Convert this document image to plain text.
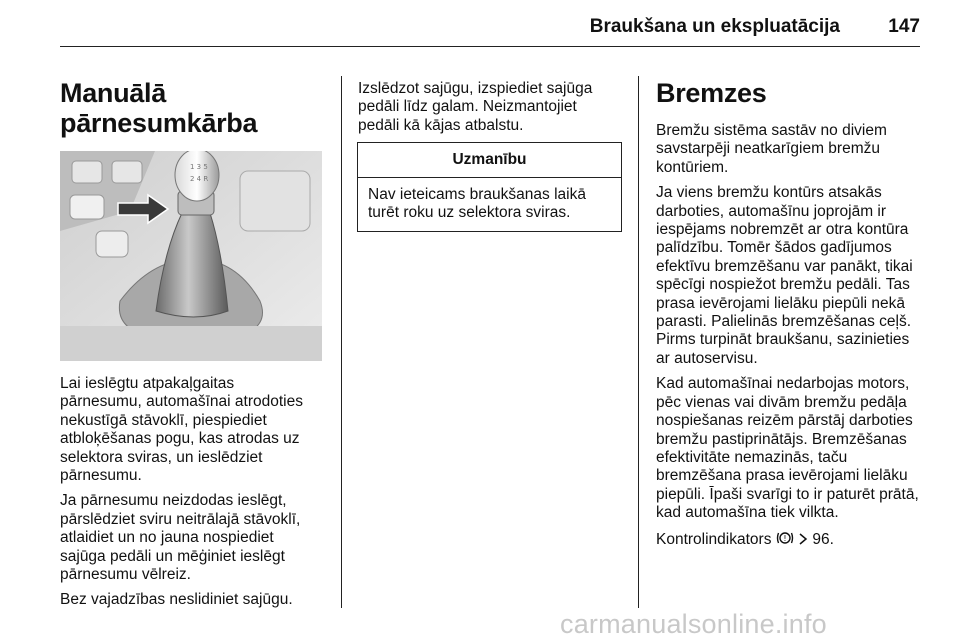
Braukšana un ekspluatācija	147
Manuālā
pārnesumkārba
1 3 5
2 4 R

Lai ieslēgtu atpakaļgaitas
pārnesumu, automašīnai atrodoties
nekustīgā stāvoklī, piespiediet
atbloķēšanas pogu, kas atrodas uz
selektora sviras, un ieslēdziet
pārnesumu.

Ja pārnesumu neizdodas ieslēgt,
pārslēdziet sviru neitrālajā stāvoklī,
atlaidiet un no jauna nospiediet
sajūga pedāli un mēģiniet ieslēgt
pārnesumu vēlreiz.

Bez vajadzības neslidiniet sajūgu.

Izslēdzot sajūgu, izspiediet sajūga
pedāli līdz galam. Neizmantojiet
pedāli kā kājas atbalstu.

Uzmanību
Nav ieteicams braukšanas laikā
turēt roku uz selektora sviras.
Bremzes

Bremžu sistēma sastāv no diviem
savstarpēji neatkarīgiem bremžu
kontūriem.

Ja viens bremžu kontūrs atsakās
darboties, automašīnu joprojām ir
iespējams nobremzēt ar otra kontūra
palīdzību. Tomēr šādos gadījumos
efektīvu bremzēšanu var panākt, tikai
spēcīgi nospiežot bremžu pedāli. Tas
prasa ievērojami lielāku piepūli nekā
parasti. Palielinās bremzēšanas ceļš.
Pirms turpināt braukšanu, sazinieties
ar autoservisu.

Kad automašīnai nedarbojas motors,
pēc vienas vai divām bremžu pedāļa
nospiešanas reizēm pārstāj darboties
bremžu pastiprinātājs. Bremzēšanas
efektivitāte nemazinās, taču
bremzēšana prasa ievērojami lielāku
piepūli. Īpaši svarīgi to ir paturēt prātā,
kad automašīna tiek vilkta.

Kontrolindikators ! 96.

carmanualsonline.info
